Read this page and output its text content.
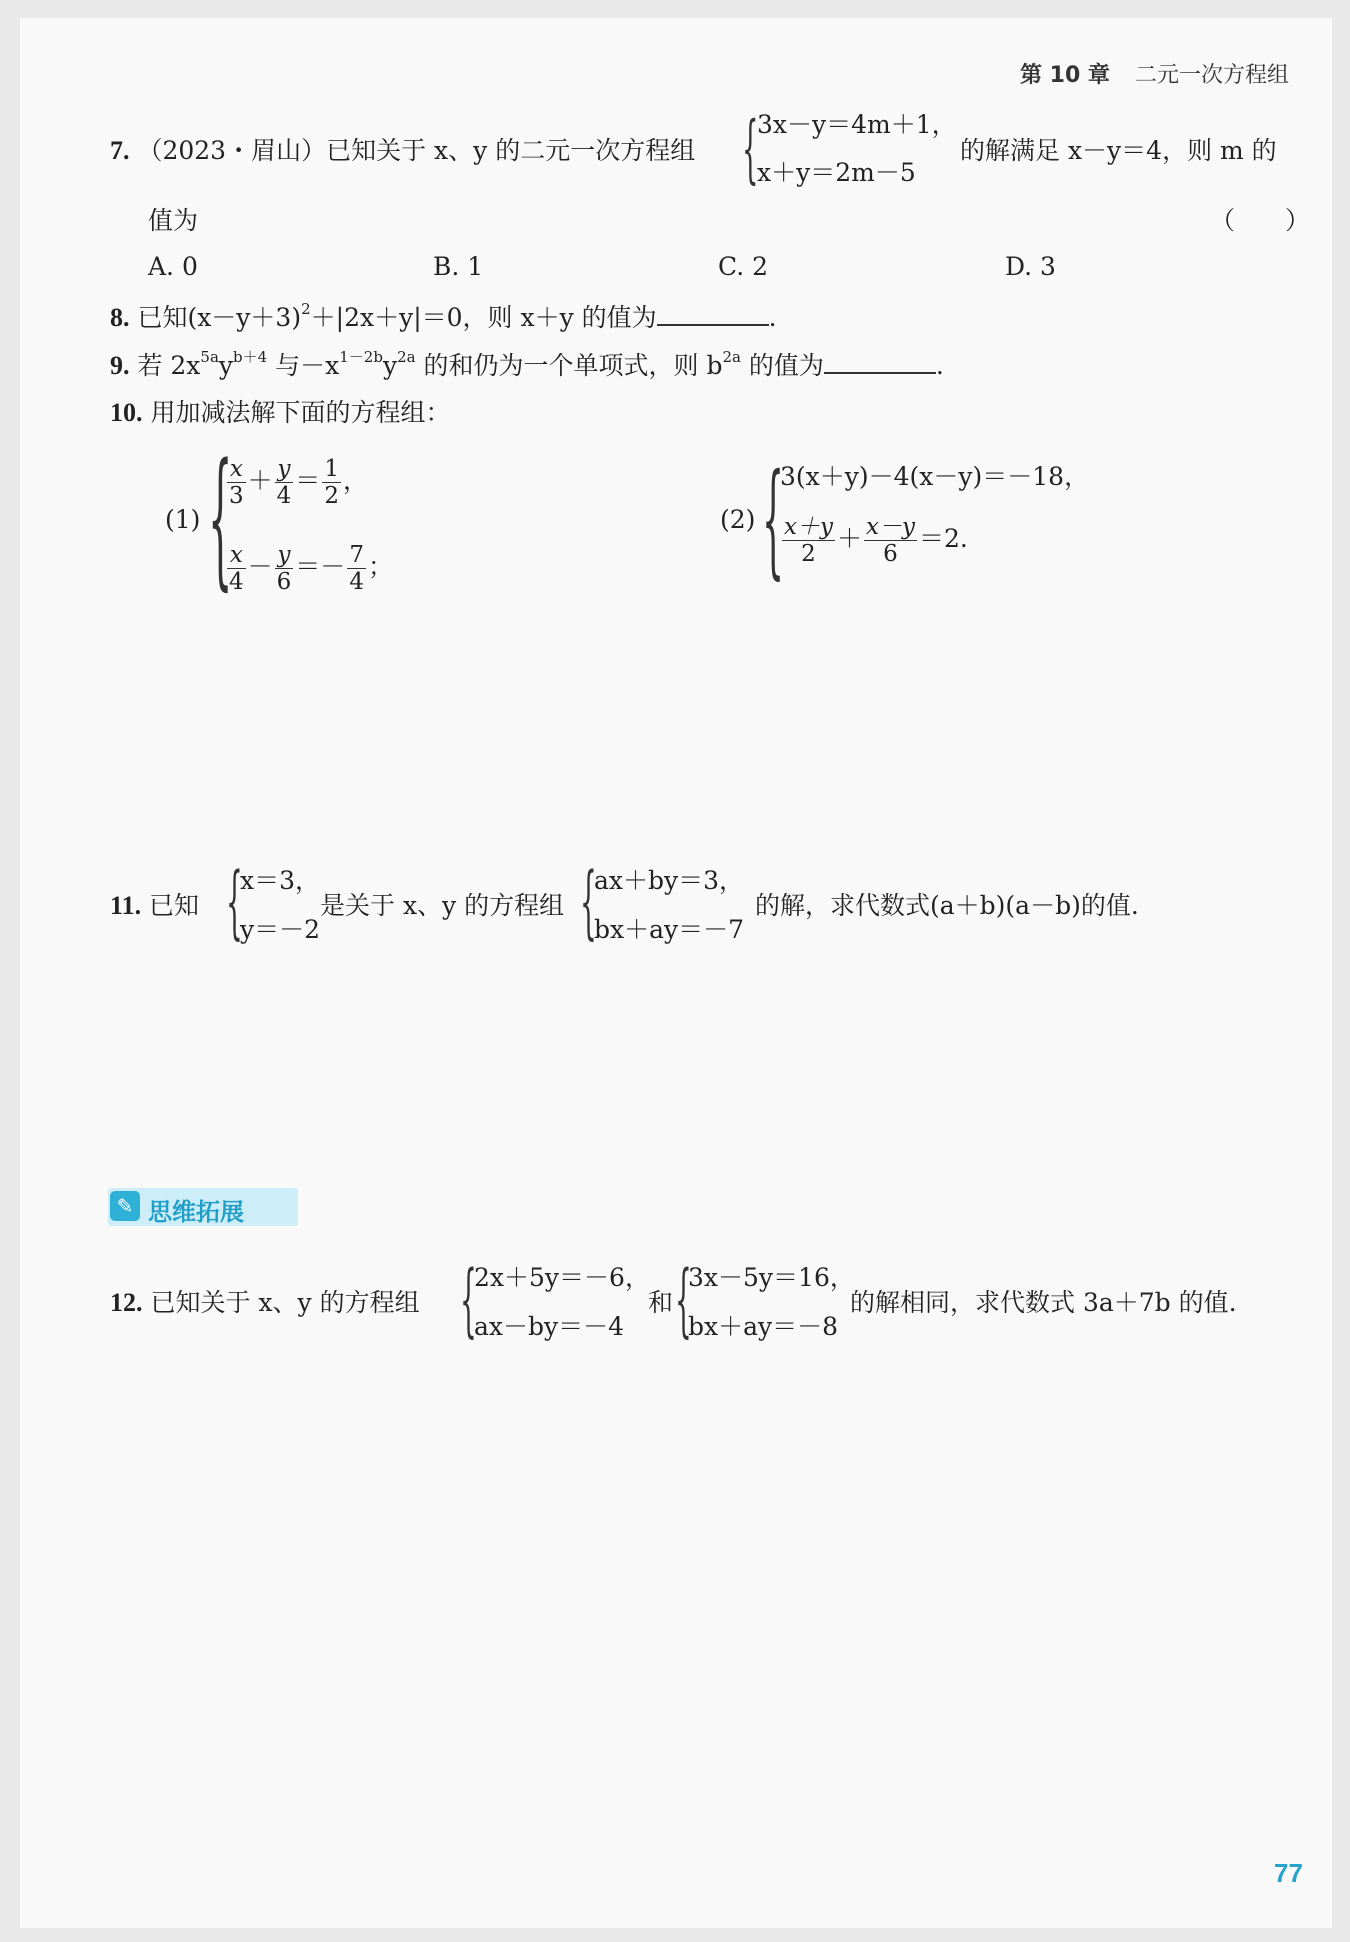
第 10 章 二元一次方程组
7. （2023・眉山）已知关于 x、y 的二元一次方程组 {
3x－y＝4m＋1，
x＋y＝2m－5
的解满足 x－y＝4，则 m 的
值为	（　　）
A. 0	B. 1	C. 2	D. 3
8. 已知$(x-y+3)^2+|2x+y|=0$，则 x＋y 的值为	.
9. 若 $2x^{5a}y^{b+4}$ 与$-x^{1-2b}y^{2a}$ 的和仍为一个单项式，则 $b^{2a}$ 的值为	.
10. 用加减法解下面的方程组：
(1) {
$\frac{x}{3} + \frac{y}{4} = \frac{1}{2}$ ，
$\frac{x}{4} - \frac{y}{6} =- \frac{7}{4}$ ；
(2) {
3(x＋y)－4(x－y)＝－18，
$\frac{x+y}{2} + \frac{x-y}{6} =2$.
11. 已知 {
x＝3，
y＝－2
是关于 x、y 的方程组 {
ax＋by＝3，
bx＋ay＝－7
的解，求代数式(a＋b)(a－b)的值.
✎ 思维拓展
12. 已知关于 x、y 的方程组 {
2x＋5y＝－6，
ax－by＝－4
和 {
3x－5y＝16，
bx＋ay＝－8
的解相同，求代数式 3a＋7b 的值.
77
